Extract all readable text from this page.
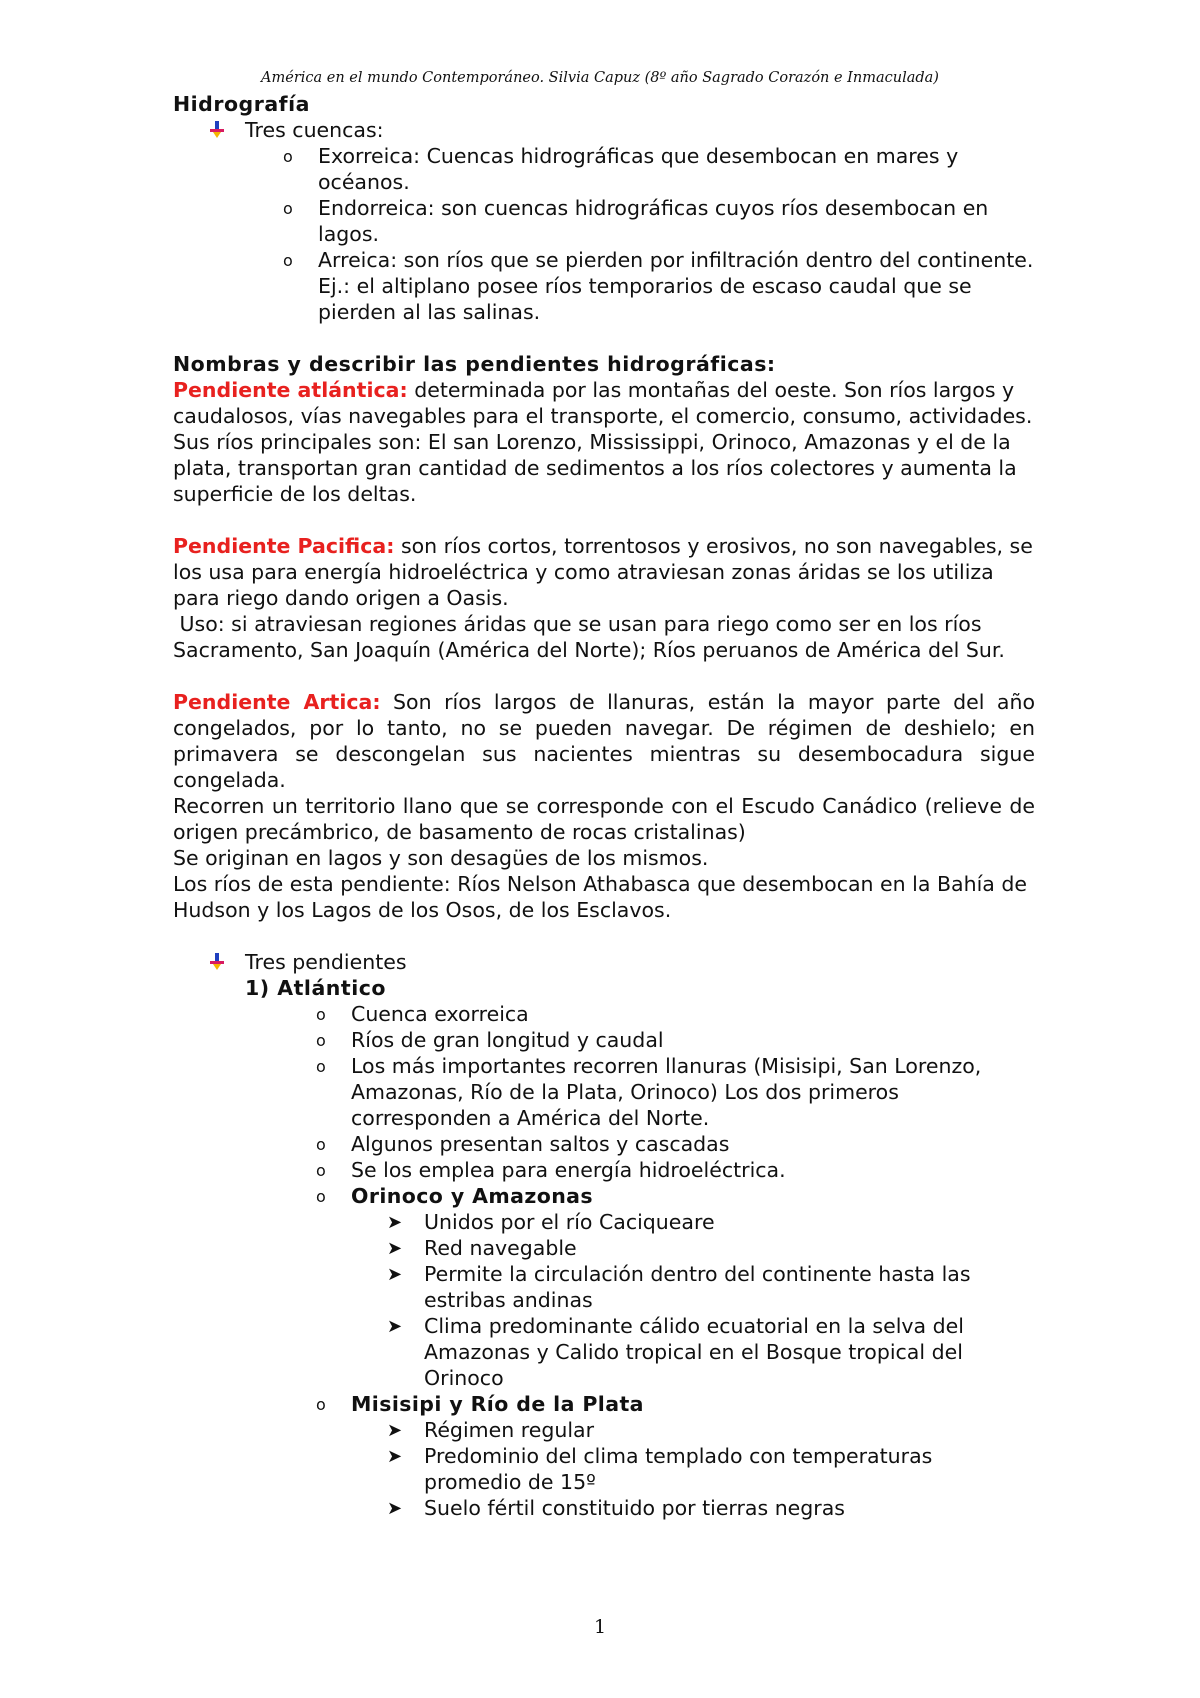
América en el mundo Contemporáneo. Silvia Capuz (8º año Sagrado Corazón e Inmaculada)
Hidrografía
Tres cuencas:
o	Exorreica: Cuencas hidrográficas que desembocan en mares y océanos.
o	Endorreica: son cuencas hidrográficas cuyos ríos desembocan en lagos.
o	Arreica: son ríos que se pierden por infiltración dentro del continente. Ej.: el altiplano posee ríos temporarios de escaso caudal que se pierden al las salinas.
Nombras y describir las pendientes hidrográficas:
Pendiente atlántica: determinada por las montañas del oeste. Son ríos largos y caudalosos, vías navegables para el transporte, el comercio, consumo, actividades. Sus ríos principales son: El san Lorenzo, Mississippi, Orinoco, Amazonas y el de la plata, transportan gran cantidad de sedimentos a los ríos colectores y aumenta la superficie de los deltas.
Pendiente Pacifica: son ríos cortos, torrentosos y erosivos, no son navegables, se los usa para energía hidroeléctrica y como atraviesan zonas áridas se los utiliza para riego dando origen a Oasis.
Uso: si atraviesan regiones áridas que se usan para riego como ser en los ríos Sacramento, San Joaquín (América del Norte); Ríos peruanos de América del Sur.
Pendiente Artica: Son ríos largos de llanuras, están la mayor parte del año congelados, por lo tanto, no se pueden navegar. De régimen de deshielo; en primavera se descongelan sus nacientes mientras su desembocadura sigue congelada.
Recorren un territorio llano que se corresponde con el Escudo Canádico (relieve de origen precámbrico, de basamento de rocas cristalinas)
Se originan en lagos y son desagües de los mismos.
Los ríos de esta pendiente: Ríos Nelson Athabasca que desembocan en la Bahía de Hudson y los Lagos de los Osos, de los Esclavos.
Tres pendientes
1) Atlántico
o	Cuenca exorreica
o	Ríos de gran longitud y caudal
o	Los más importantes recorren llanuras (Misisipi, San Lorenzo, Amazonas, Río de la Plata, Orinoco) Los dos primeros corresponden a América del Norte.
o	Algunos presentan saltos y cascadas
o	Se los emplea para energía hidroeléctrica.
o	Orinoco y Amazonas
➤	Unidos por el río Caciqueare
➤	Red navegable
➤	Permite la circulación dentro del continente hasta las estribas andinas
➤	Clima predominante cálido ecuatorial en la selva del Amazonas y Calido tropical en el Bosque tropical del Orinoco
o	Misisipi y Río de la Plata
➤	Régimen regular
➤	Predominio del clima templado con temperaturas promedio de 15º
➤	Suelo fértil constituido por tierras negras
1
